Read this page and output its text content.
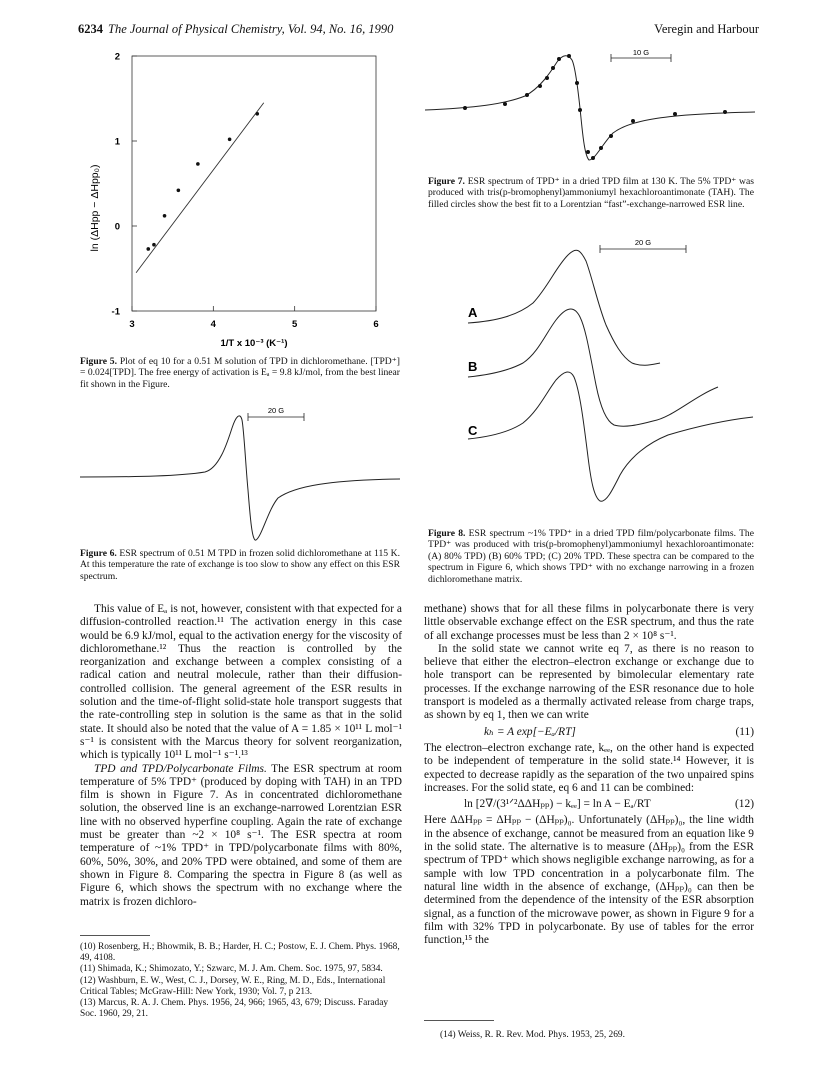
6234 The Journal of Physical Chemistry, Vol. 94, No. 16, 1990	Veregin and Harbour
-1
0
1
2
3	4	5	6
ln (ΔHpp − ΔHpp₀)
1/T x 10⁻³ (K⁻¹)
Figure 5. Plot of eq 10 for a 0.51 M solution of TPD in dichloromethane. [TPD⁺] = 0.024[TPD]. The free energy of activation is Eₐ = 9.8 kJ/mol, from the best linear fit shown in the Figure.
20 G
Figure 6. ESR spectrum of 0.51 M TPD in frozen solid dichloromethane at 115 K. At this temperature the rate of exchange is too slow to show any effect on this ESR spectrum.
10 G
Figure 7. ESR spectrum of TPD⁺ in a dried TPD film at 130 K. The 5% TPD⁺ was produced with tris(p-bromophenyl)ammoniumyl hexachloroantimonate (TAH). The filled circles show the best fit to a Lorentzian “fast”-exchange-narrowed ESR line.
20 G
A
B
C
Figure 8. ESR spectrum ~1% TPD⁺ in a dried TPD film/polycarbonate films. The TPD⁺ was produced with tris(p-bromophenyl)ammoniumyl hexachloroantimonate: (A) 80% TPD) (B) 60% TPD; (C) 20% TPD. These spectra can be compared to the spectrum in Figure 6, which shows TPD⁺ with no exchange narrowing in a frozen dichloromethane matrix.

This value of Eₐ is not, however, consistent with that expected for a diffusion-controlled reaction.¹¹ The activation energy in this case would be 6.9 kJ/mol, equal to the activation energy for the viscosity of dichloromethane.¹² Thus the reaction is controlled by the reorganization and exchange between a complex consisting of a radical cation and neutral molecule, rather than their diffusion-controlled collision. The general agreement of the ESR results in solution and the time-of-flight solid-state hole transport suggests that the rate-controlling step in solution is the same as that in the solid state. It should also be noted that the value of A = 1.85 × 10¹¹ L mol⁻¹ s⁻¹ is consistent with the Marcus theory for solvent reorganization, which is typically 10¹¹ L mol⁻¹ s⁻¹.¹³

TPD and TPD/Polycarbonate Films. The ESR spectrum at room temperature of 5% TPD⁺ (produced by doping with TAH) in an TPD film is shown in Figure 7. As in concentrated dichloromethane solution, the observed line is an exchange-narrowed Lorentzian ESR line with no observed hyperfine coupling. Again the rate of exchange must be greater than ~2 × 10⁸ s⁻¹. The ESR spectra at room temperature of ~1% TPD⁺ in TPD/polycarbonate films with 80%, 60%, 50%, 30%, and 20% TPD were obtained, and some of them are shown in Figure 8. Comparing the spectra in Figure 8 (as well as Figure 6, which shows the spectrum with no exchange where the matrix is frozen dichloro-

(10) Rosenberg, H.; Bhowmik, B. B.; Harder, H. C.; Postow, E. J. Chem. Phys. 1968, 49, 4108.
(11) Shimada, K.; Shimozato, Y.; Szwarc, M. J. Am. Chem. Soc. 1975, 97, 5834.
(12) Washburn, E. W., West, C. J., Dorsey, W. E., Ring, M. D., Eds., International Critical Tables; McGraw-Hill: New York, 1930; Vol. 7, p 213.
(13) Marcus, R. A. J. Chem. Phys. 1956, 24, 966; 1965, 43, 679; Discuss. Faraday Soc. 1960, 29, 21.

methane) shows that for all these films in polycarbonate there is very little observable exchange effect on the ESR spectrum, and thus the rate of all exchange processes must be less than 2 × 10⁸ s⁻¹.

In the solid state we cannot write eq 7, as there is no reason to believe that either the electron–electron exchange or exchange due to hole transport can be represented by bimolecular elementary rate processes. If the exchange narrowing of the ESR resonance due to hole transport is modeled as a thermally activated release from charge traps, as shown by eq 1, then we can write

kₕ = A exp[−Eₐ/RT]	(11)

The electron–electron exchange rate, kₑₑ, on the other hand is expected to be independent of temperature in the solid state.¹⁴ However, it is expected to decrease rapidly as the separation of the two unpaired spins increases. For the solid state, eq 6 and 11 can be combined:

ln [2∇/(3¹ᐟ²ΔΔHₚₚ) − kₑₑ] = ln A − Eₐ/RT	(12)

Here ΔΔHₚₚ = ΔHₚₚ − (ΔHₚₚ)₀. Unfortunately (ΔHₚₚ)₀, the line width in the absence of exchange, cannot be measured from an equation like 9 in the solid state. The alternative is to measure (ΔHₚₚ)₀ from the ESR spectrum of TPD⁺ which shows negligible exchange narrowing, as for a sample with low TPD concentration in a polycarbonate film. The natural line width in the absence of exchange, (ΔHₚₚ)₀ can then be determined from the dependence of the intensity of the ESR absorption signal, as a function of the microwave power, as shown in Figure 9 for a film with 32% TPD in polycarbonate. By use of tables for the error function,¹⁵ the

(14) Weiss, R. R. Rev. Mod. Phys. 1953, 25, 269.
